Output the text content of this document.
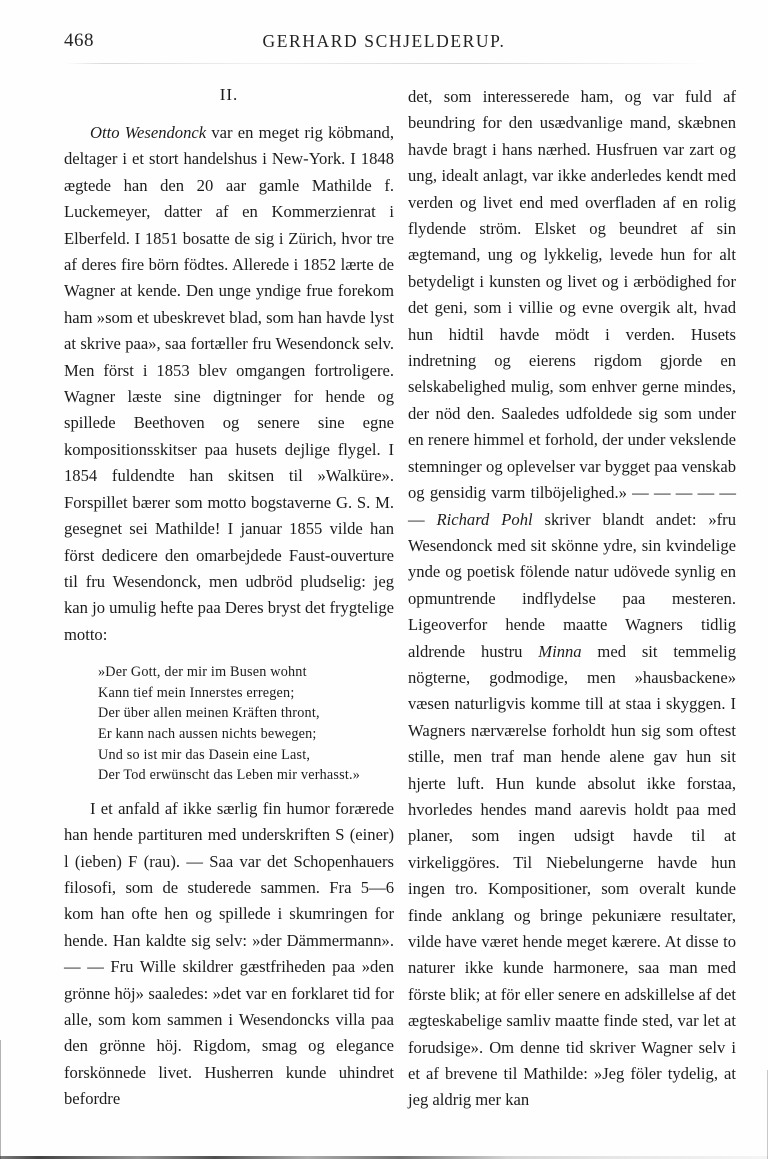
468	GERHARD SCHJELDERUP.
II.

Otto Wesendonck var en meget rig köbmand, deltager i et stort handelshus i New-York. I 1848 ægtede han den 20 aar gamle Mathilde f. Luckemeyer, datter af en Kommerzienrat i Elberfeld. I 1851 bosatte de sig i Zürich, hvor tre af deres fire börn födtes. Allerede i 1852 lærte de Wagner at kende. Den unge yndige frue forekom ham »som et ubeskrevet blad, som han havde lyst at skrive paa», saa fortæller fru Wesendonck selv. Men först i 1853 blev omgangen fortroligere. Wagner læste sine digtninger for hende og spillede Beethoven og senere sine egne kompositionsskitser paa husets dejlige flygel. I 1854 fuldendte han skitsen til »Walküre». Forspillet bærer som motto bogstaverne G. S. M. gesegnet sei Mathilde! I januar 1855 vilde han först dedicere den omarbejdede Faust-ouverture til fru Wesendonck, men udbröd pludselig: jeg kan jo umulig hefte paa Deres bryst det frygtelige motto:

»Der Gott, der mir im Busen wohnt
Kann tief mein Innerstes erregen;
Der über allen meinen Kräften thront,
Er kann nach aussen nichts bewegen;
Und so ist mir das Dasein eine Last,
Der Tod erwünscht das Leben mir verhasst.»

I et anfald af ikke særlig fin humor forærede han hende partituren med underskriften S (einer) l (ieben) F (rau). — Saa var det Schopenhauers filosofi, som de studerede sammen. Fra 5—6 kom han ofte hen og spillede i skumringen for hende. Han kaldte sig selv: »der Dämmermann». — — Fru Wille skildrer gæstfriheden paa »den grönne höj» saaledes: »det var en forklaret tid for alle, som kom sammen i Wesendoncks villa paa den grönne höj. Rigdom, smag og elegance forskönnede livet. Husherren kunde uhindret befordre

det, som interesserede ham, og var fuld af beundring for den usædvanlige mand, skæbnen havde bragt i hans nærhed. Husfruen var zart og ung, idealt anlagt, var ikke anderledes kendt med verden og livet end med overfladen af en rolig flydende ström. Elsket og beundret af sin ægtemand, ung og lykkelig, levede hun for alt betydeligt i kunsten og livet og i ærbödighed for det geni, som i villie og evne overgik alt, hvad hun hidtil havde mödt i verden. Husets indretning og eierens rigdom gjorde en selskabelighed mulig, som enhver gerne mindes, der nöd den. Saaledes udfoldede sig som under en renere himmel et forhold, der under vekslende stemninger og oplevelser var bygget paa venskab og gensidig varm tilböjelighed.» — — — — — — Richard Pohl skriver blandt andet: »fru Wesendonck med sit skönne ydre, sin kvindelige ynde og poetisk fölende natur udövede synlig en opmuntrende indflydelse paa mesteren. Ligeoverfor hende maatte Wagners tidlig aldrende hustru Minna med sit temmelig nögterne, godmodige, men »hausbackene» væsen naturligvis komme till at staa i skyggen. I Wagners nærværelse forholdt hun sig som oftest stille, men traf man hende alene gav hun sit hjerte luft. Hun kunde absolut ikke forstaa, hvorledes hendes mand aarevis holdt paa med planer, som ingen udsigt havde til at virkeliggöres. Til Niebelungerne havde hun ingen tro. Kompositioner, som overalt kunde finde anklang og bringe pekuniære resultater, vilde have været hende meget kærere. At disse to naturer ikke kunde harmonere, saa man med förste blik; at för eller senere en adskillelse af det ægteskabelige samliv maatte finde sted, var let at forudsige». Om denne tid skriver Wagner selv i et af brevene til Mathilde: »Jeg föler tydelig, at jeg aldrig mer kan
